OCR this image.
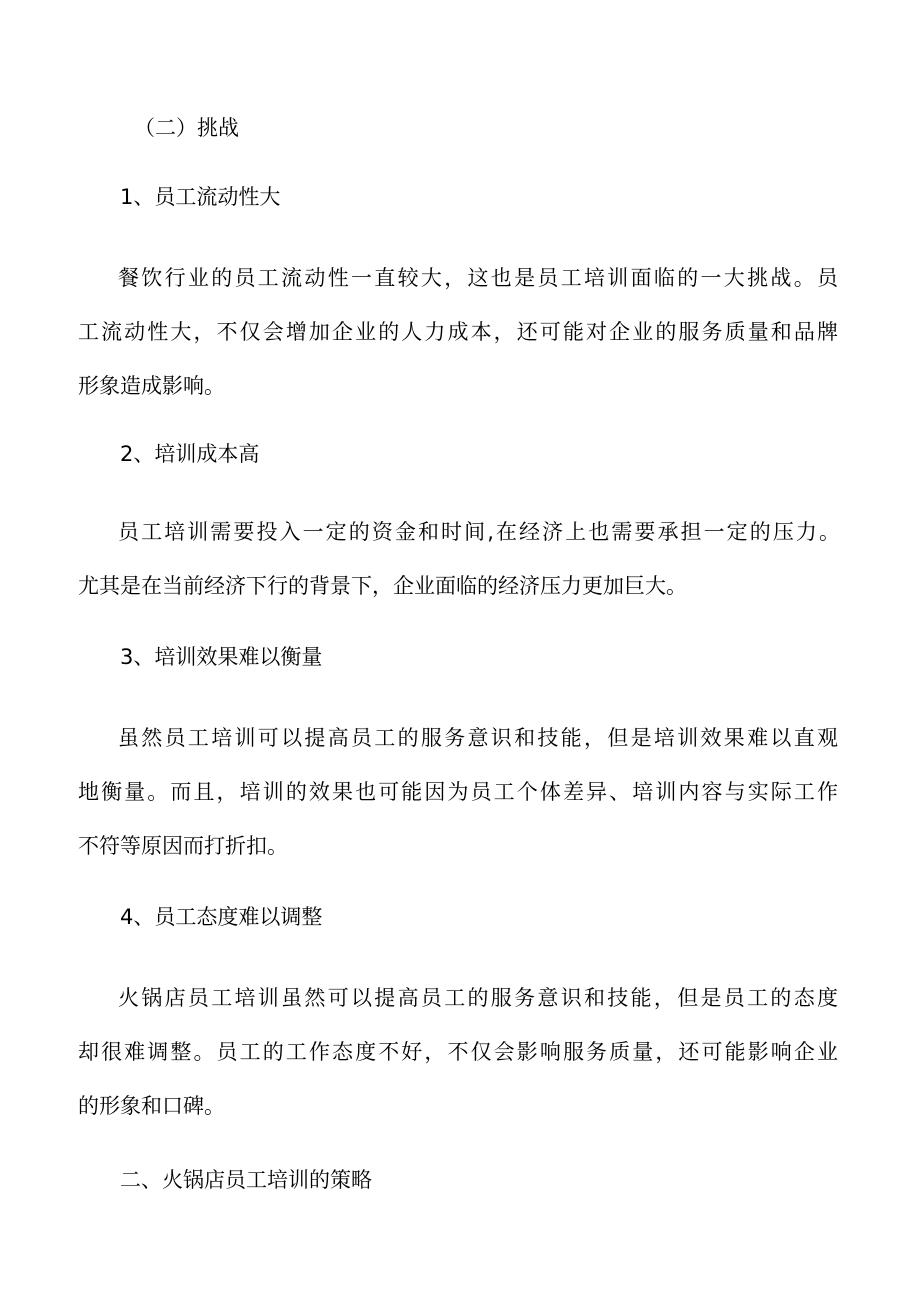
（二）挑战
1、员工流动性大
餐饮行业的员工流动性一直较大，这也是员工培训面临的一大挑战。员
工流动性大，不仅会增加企业的人力成本，还可能对企业的服务质量和品牌
形象造成影响。
2、培训成本高
员工培训需要投入一定的资金和时间,在经济上也需要承担一定的压力。
尤其是在当前经济下行的背景下，企业面临的经济压力更加巨大。
3、培训效果难以衡量
虽然员工培训可以提高员工的服务意识和技能，但是培训效果难以直观
地衡量。而且，培训的效果也可能因为员工个体差异、培训内容与实际工作
不符等原因而打折扣。
4、员工态度难以调整
火锅店员工培训虽然可以提高员工的服务意识和技能，但是员工的态度
却很难调整。员工的工作态度不好，不仅会影响服务质量，还可能影响企业
的形象和口碑。
二、火锅店员工培训的策略
